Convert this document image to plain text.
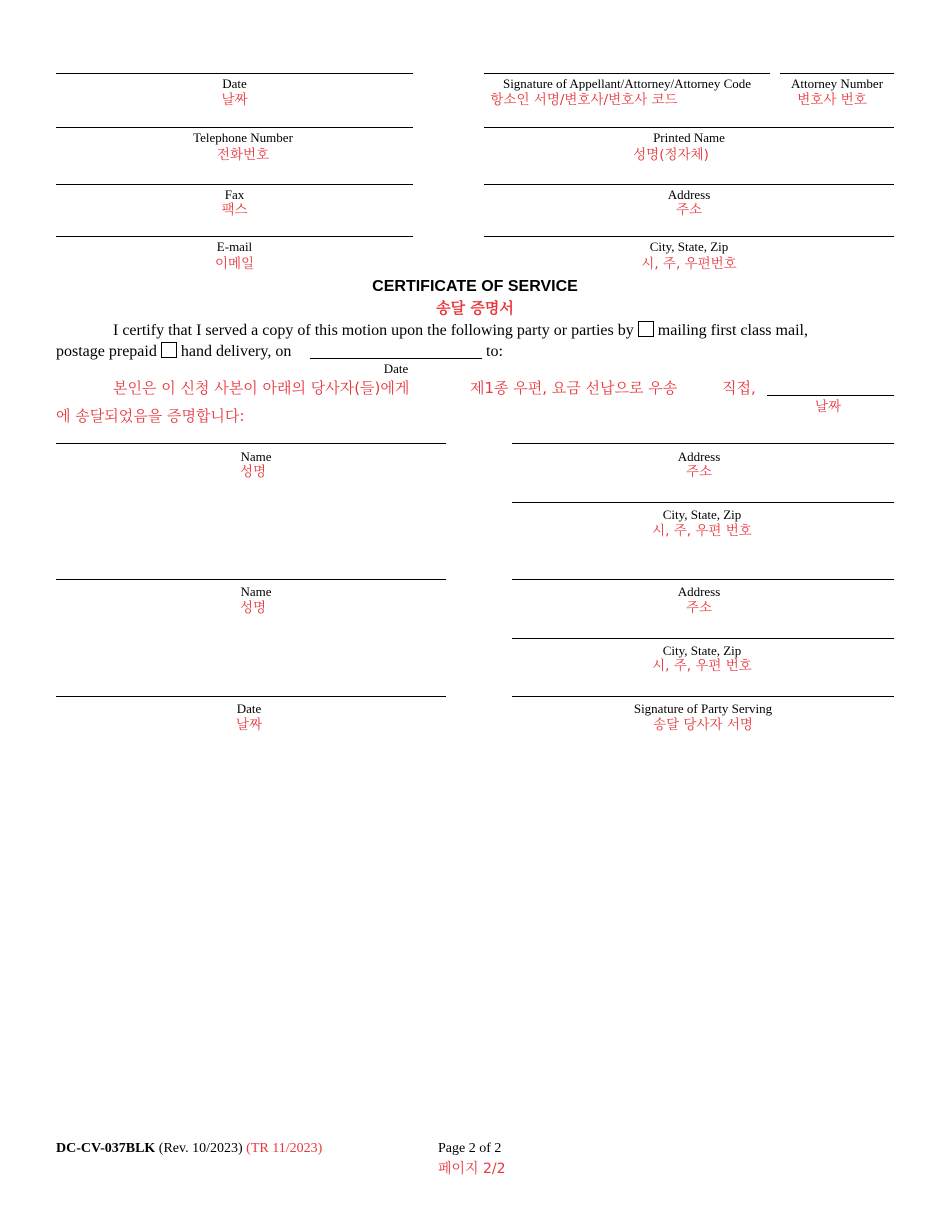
Date
날짜
Telephone Number
전화번호
Fax
팩스
E-mail
이메일
Signature of Appellant/Attorney/Attorney Code
항소인 서명/변호사/변호사 코드
Attorney Number
변호사 번호
Printed Name
성명(정자체)
Address
주소
City, State, Zip
시, 주, 우편번호
CERTIFICATE OF SERVICE
송달 증명서
I certify that I served a copy of this motion upon the following party or parties by mailing first class mail,
postage prepaid hand delivery, on	to:
Date
본인은 이 신청 사본이 아래의 당사자(들)에게	제1종 우편, 요금 선납으로 우송	직접,
날짜
에 송달되었음을 증명합니다:
Name
성명
Address
주소
City, State, Zip
시, 주, 우편 번호
Name
성명
Address
주소
City, State, Zip
시, 주, 우편 번호
Date
날짜
Signature of Party Serving
송달 당사자 서명
DC-CV-037BLK (Rev. 10/2023) (TR 11/2023)	Page 2 of 2
페이지 2/2
